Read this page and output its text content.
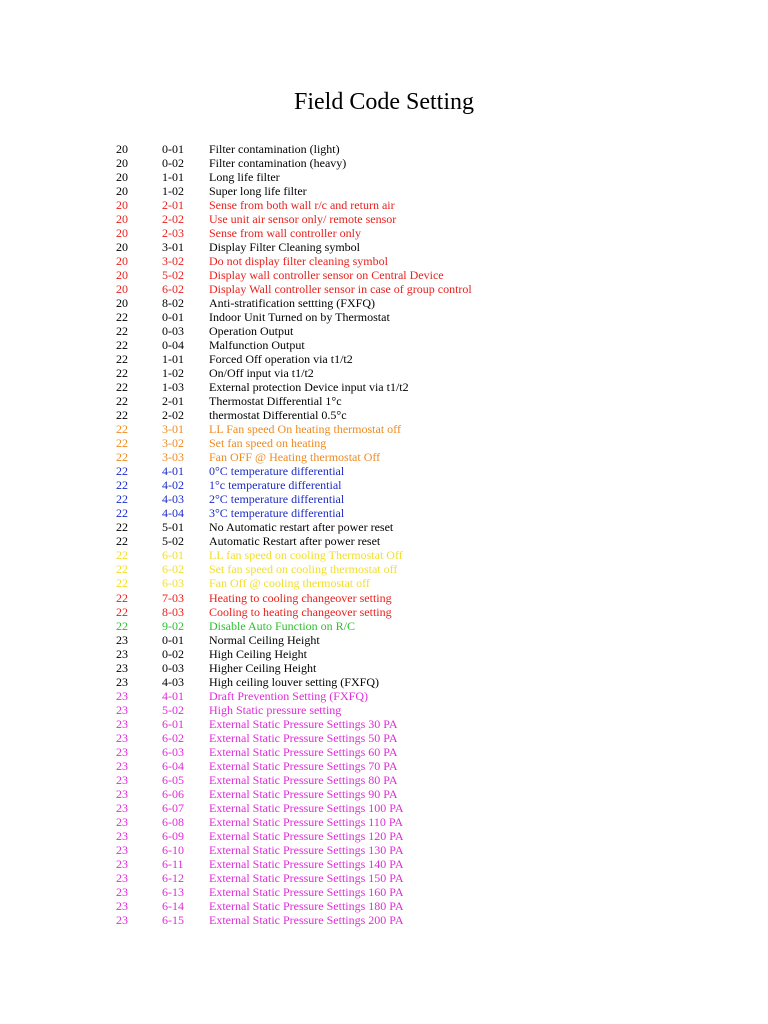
Field Code Setting
20	0-01 Filter contamination (light)
20	0-02 Filter contamination (heavy)
20	1-01 Long life filter
20	1-02 Super long life filter
20	2-01 Sense from both wall r/c and return air
20	2-02 Use unit air sensor only/ remote sensor
20	2-03 Sense from wall controller only
20	3-01 Display Filter Cleaning symbol
20	3-02 Do not display filter cleaning symbol
20	5-02 Display wall controller sensor on Central Device
20	6-02 Display Wall controller sensor in case of group control
20	8-02 Anti-stratification settting (FXFQ)
22	0-01 Indoor Unit Turned on by Thermostat
22	0-03 Operation Output
22	0-04 Malfunction Output
22	1-01 Forced Off operation via t1/t2
22	1-02 On/Off input via t1/t2
22	1-03 External protection Device input via t1/t2
22	2-01 Thermostat Differential 1°c
22	2-02 thermostat Differential 0.5°c
22	3-01 LL Fan speed On heating thermostat off
22	3-02 Set fan speed on heating
22	3-03 Fan OFF @ Heating thermostat Off
22	4-01 0°C temperature differential
22	4-02 1°c temperature differential
22	4-03 2°C temperature differential
22	4-04 3°C temperature differential
22	5-01 No Automatic restart after power reset
22	5-02 Automatic Restart after power reset
22	6-01 LL fan speed on cooling Thermostat Off
22	6-02 Set fan speed on cooling thermostat off
22	6-03 Fan Off @ cooling thermostat off
22	7-03 Heating to cooling changeover setting
22	8-03 Cooling to heating changeover setting
22	9-02 Disable Auto Function on R/C
23	0-01 Normal Ceiling Height
23	0-02 High Ceiling Height
23	0-03 Higher Ceiling Height
23	4-03 High ceiling louver setting (FXFQ)
23	4-01 Draft Prevention Setting (FXFQ)
23	5-02 High Static pressure setting
23	6-01 External Static Pressure Settings 30 PA
23	6-02 External Static Pressure Settings 50 PA
23	6-03 External Static Pressure Settings 60 PA
23	6-04 External Static Pressure Settings 70 PA
23	6-05 External Static Pressure Settings 80 PA
23	6-06 External Static Pressure Settings 90 PA
23	6-07 External Static Pressure Settings 100 PA
23	6-08 External Static Pressure Settings 110 PA
23	6-09 External Static Pressure Settings 120 PA
23	6-10 External Static Pressure Settings 130 PA
23	6-11 External Static Pressure Settings 140 PA
23	6-12 External Static Pressure Settings 150 PA
23	6-13 External Static Pressure Settings 160 PA
23	6-14 External Static Pressure Settings 180 PA
23	6-15 External Static Pressure Settings 200 PA
